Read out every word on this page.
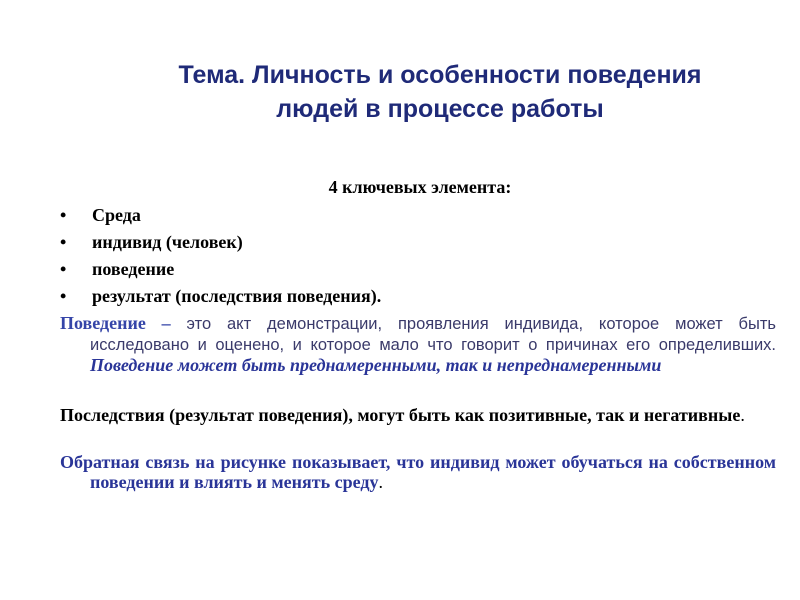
Тема. Личность и особенности поведения
людей в процессе работы
4 ключевых элемента:
• Среда
• индивид (человек)
• поведение
• результат (последствия поведения).
Поведение – это акт демонстрации, проявления индивида, которое может быть исследовано и оценено, и которое мало что говорит о причинах его определивших. Поведение может быть преднамеренными, так и непреднамеренными
Последствия (результат поведения), могут быть как позитивные, так и негативные.
Обратная связь на рисунке показывает, что индивид может обучаться на собственном поведении и влиять и менять среду.
